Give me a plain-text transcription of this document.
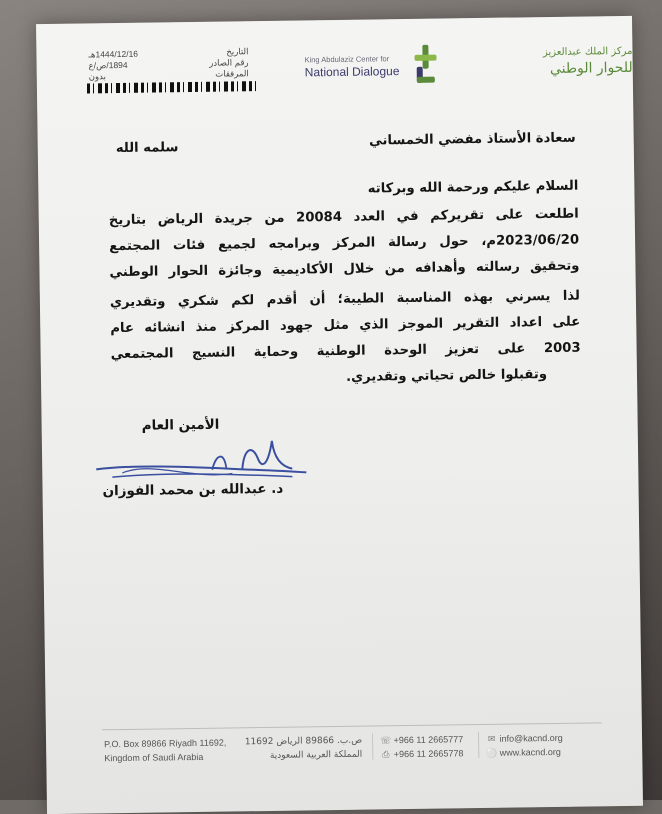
King Abdulaziz Center for
National Dialogue
مركز الملك عبدالعزيز
للحوار الوطني
التاريخ
1444/12/16هـ
رقم الصادر
1894/ص/ع
المرفقات
بدون
سعادة الأستاذ مفضي الخمساني
سلمه الله
السلام عليكم ورحمة الله وبركاته
اطلعت على تقريركم في العدد 20084 من جريدة الرياض بتاريخ
2023/06/20م، حول رسالة المركز وبرامجه لجميع فئات المجتمع
وتحقيق رسالته وأهدافه من خلال الأكاديمية وجائزة الحوار الوطني
لذا يسرني بهذه المناسبة الطيبة؛ أن أقدم لكم شكري وتقديري
على اعداد التقرير الموجز الذي مثل جهود المركز منذ انشائه عام
2003 على تعزيز الوحدة الوطنية وحماية النسيج المجتمعي
وتقبلوا خالص تحياتي وتقديري.
الأمين العام
د. عبدالله بن محمد الفوزان
P.O. Box 89866 Riyadh 11692,
Kingdom of Saudi Arabia
ص.ب. 89866 الرياض 11692
المملكة العربية السعودية
☏ +966 11 2665777
⎙ +966 11 2665778
✉ info@kacnd.org
⚪ www.kacnd.org
